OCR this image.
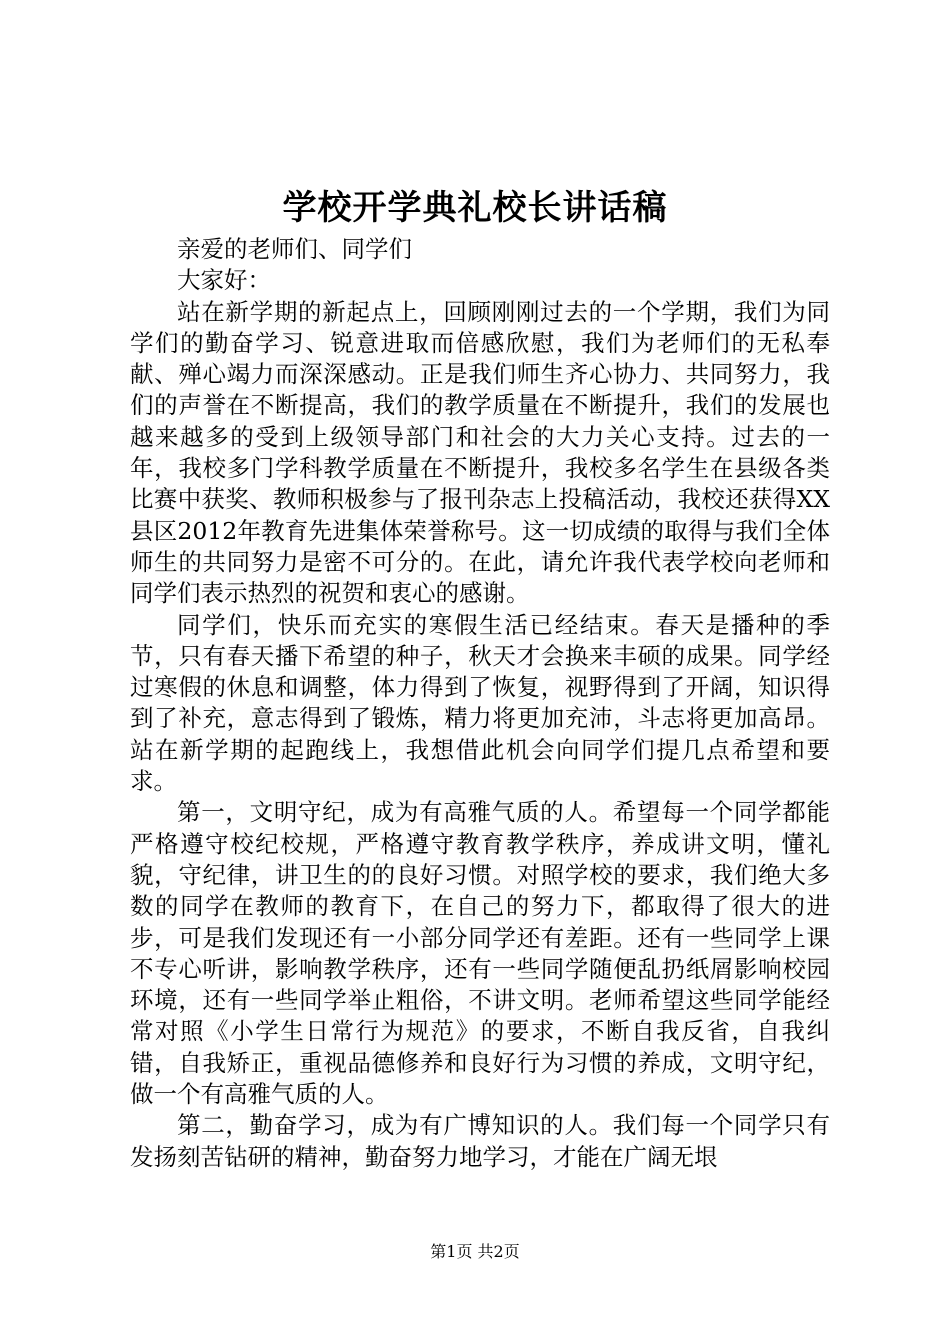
学校开学典礼校长讲话稿

亲爱的老师们、同学们

大家好：

站在新学期的新起点上，回顾刚刚过去的一个学期，我们为同学们的勤奋学习、锐意进取而倍感欣慰，我们为老师们的无私奉献、殚心竭力而深深感动。正是我们师生齐心协力、共同努力，我们的声誉在不断提高，我们的教学质量在不断提升，我们的发展也越来越多的受到上级领导部门和社会的大力关心支持。过去的一年，我校多门学科教学质量在不断提升，我校多名学生在县级各类比赛中获奖、教师积极参与了报刊杂志上投稿活动，我校还获得XX县区2012年教育先进集体荣誉称号。这一切成绩的取得与我们全体师生的共同努力是密不可分的。在此，请允许我代表学校向老师和同学们表示热烈的祝贺和衷心的感谢。

同学们，快乐而充实的寒假生活已经结束。春天是播种的季节，只有春天播下希望的种子，秋天才会换来丰硕的成果。同学经过寒假的休息和调整，体力得到了恢复，视野得到了开阔，知识得到了补充，意志得到了锻炼，精力将更加充沛，斗志将更加高昂。站在新学期的起跑线上，我想借此机会向同学们提几点希望和要求。

第一，文明守纪，成为有高雅气质的人。希望每一个同学都能严格遵守校纪校规，严格遵守教育教学秩序，养成讲文明，懂礼貌，守纪律，讲卫生的的良好习惯。对照学校的要求，我们绝大多数的同学在教师的教育下，在自己的努力下，都取得了很大的进步，可是我们发现还有一小部分同学还有差距。还有一些同学上课不专心听讲，影响教学秩序，还有一些同学随便乱扔纸屑影响校园环境，还有一些同学举止粗俗，不讲文明。老师希望这些同学能经常对照《小学生日常行为规范》的要求，不断自我反省，自我纠错，自我矫正，重视品德修养和良好行为习惯的养成，文明守纪，做一个有高雅气质的人。

第二，勤奋学习，成为有广博知识的人。我们每一个同学只有发扬刻苦钻研的精神，勤奋努力地学习，才能在广阔无垠

第1页 共2页
